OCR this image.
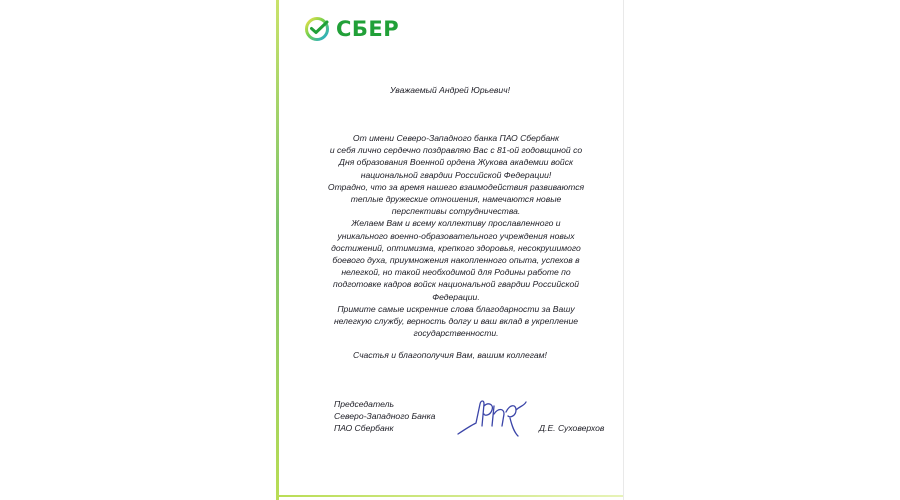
СБЕР
Уважаемый Андрей Юрьевич!
От имени Северо-Западного банка ПАО Сбербанк
и себя лично сердечно поздравляю Вас с 81-ой годовщиной со
Дня образования Военной ордена Жукова академии войск
национальной гвардии Российской Федерации!
Отрадно, что за время нашего взаимодействия развиваются
теплые дружеские отношения, намечаются новые
перспективы сотрудничества.
Желаем Вам и всему коллективу прославленного и
уникального военно-образовательного учреждения новых
достижений, оптимизма, крепкого здоровья, несокрушимого
боевого духа, приумножения накопленного опыта, успехов в
нелегкой, но такой необходимой для Родины работе по
подготовке кадров войск национальной гвардии Российской
Федерации.
Примите самые искренние слова благодарности за Вашу
нелегкую службу, верность долгу и ваш вклад в укрепление
государственности.
Счастья и благополучия Вам, вашим коллегам!
Председатель
Северо-Западного Банка
ПАО Сбербанк	Д.Е. Суховерхов
